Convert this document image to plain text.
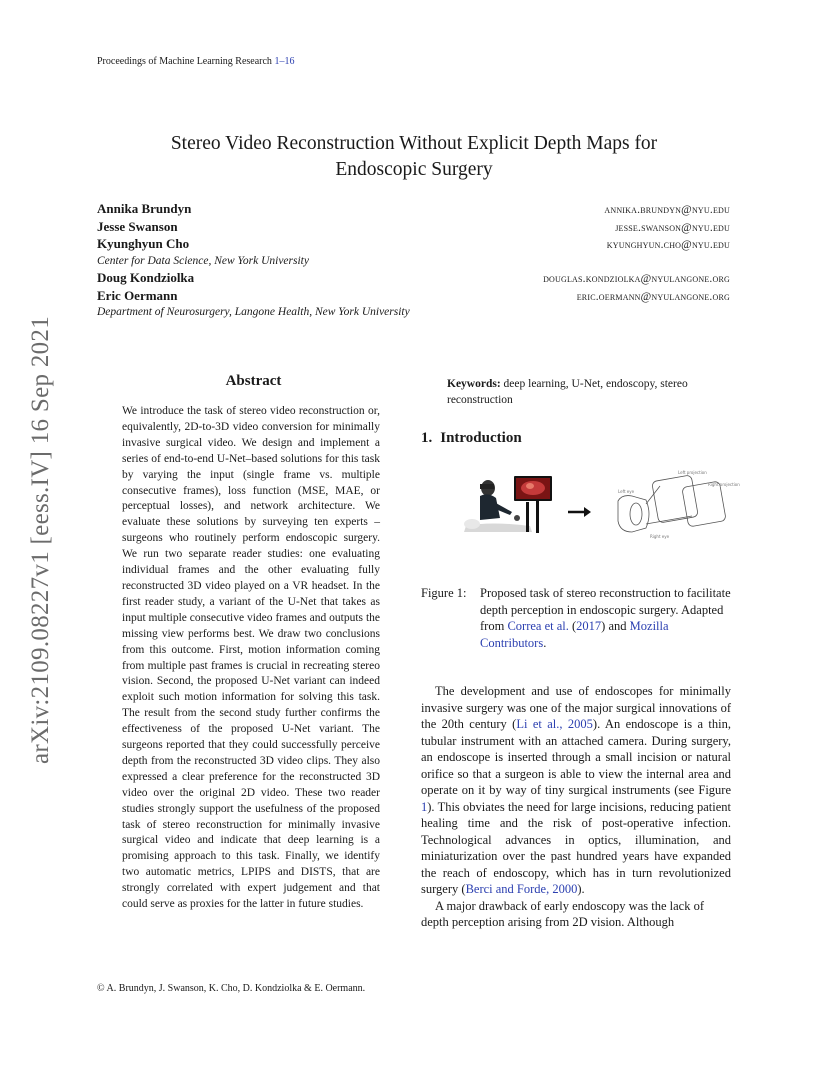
Proceedings of Machine Learning Research 1–16
Stereo Video Reconstruction Without Explicit Depth Maps for
Endoscopic Surgery
Annika Brundyn	annika.brundyn@nyu.edu
Jesse Swanson	jesse.swanson@nyu.edu
Kyunghyun Cho	kyunghyun.cho@nyu.edu
Center for Data Science, New York University
Doug Kondziolka	douglas.kondziolka@nyulangone.org
Eric Oermann	eric.oermann@nyulangone.org
Department of Neurosurgery, Langone Health, New York University
arXiv:2109.08227v1 [eess.IV] 16 Sep 2021	Abstract
We introduce the task of stereo video reconstruction or, equivalently, 2D-to-3D video conversion for minimally invasive surgical video. We design and implement a series of end-to-end U-Net–based solutions for this task by varying the input (single frame vs. multiple consecutive frames), loss function (MSE, MAE, or perceptual losses), and network architecture. We evaluate these solutions by surveying ten experts – surgeons who routinely perform endoscopic surgery. We run two separate reader studies: one evaluating individual frames and the other evaluating fully reconstructed 3D video played on a VR headset. In the first reader study, a variant of the U-Net that takes as input multiple consecutive video frames and outputs the missing view performs best. We draw two conclusions from this outcome. First, motion information coming from multiple past frames is crucial in recreating stereo vision. Second, the proposed U-Net variant can indeed exploit such motion information for solving this task. The result from the second study further confirms the effectiveness of the proposed U-Net variant. The surgeons reported that they could successfully perceive depth from the reconstructed 3D video clips. They also expressed a clear preference for the reconstructed 3D video over the original 2D video. These two reader studies strongly support the usefulness of the proposed task of stereo reconstruction for minimally invasive surgical video and indicate that deep learning is a promising approach to this task. Finally, we identify two automatic metrics, LPIPS and DISTS, that are strongly correlated with expert judgement and that could serve as proxies for the latter in future studies.
Keywords: deep learning, U-Net, endoscopy, stereo reconstruction
1. Introduction
Left eye
Left projection
Right projection
Right eye
Figure 1: Proposed task of stereo reconstruction to facilitate depth perception in endoscopic surgery. Adapted from Correa et al. (2017) and Mozilla Contributors.

The development and use of endoscopes for minimally invasive surgery was one of the major surgical innovations of the 20th century (Li et al., 2005). An endoscope is a thin, tubular instrument with an attached camera. During surgery, an endoscope is inserted through a small incision or natural orifice so that a surgeon is able to view the internal area and operate on it by way of tiny surgical instruments (see Figure 1). This obviates the need for large incisions, reducing patient healing time and the risk of post-operative infection. Technological advances in optics, illumination, and miniaturization over the past hundred years have expanded the reach of endoscopy, which has in turn revolutionized surgery (Berci and Forde, 2000).

A major drawback of early endoscopy was the lack of depth perception arising from 2D vision. Although

© A. Brundyn, J. Swanson, K. Cho, D. Kondziolka & E. Oermann.
